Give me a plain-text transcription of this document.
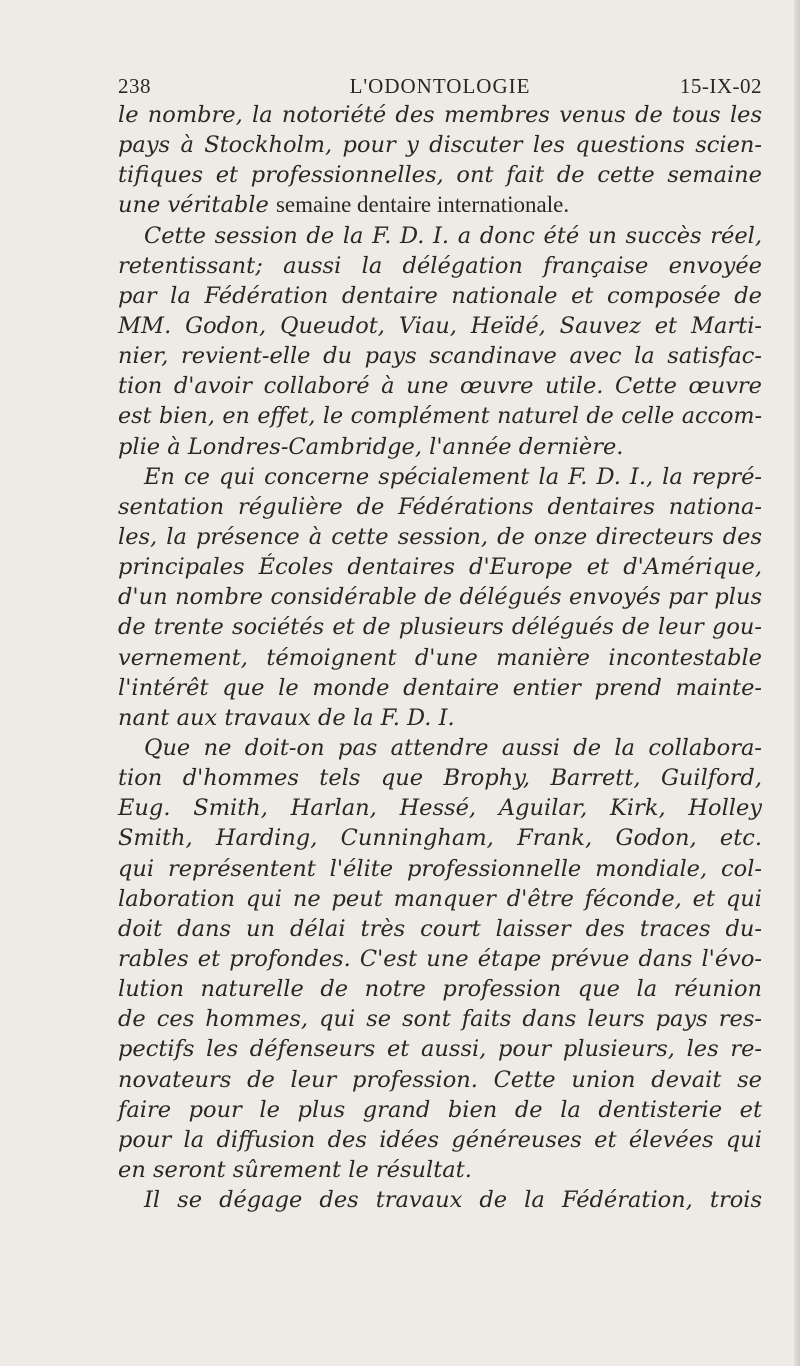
238	L'ODONTOLOGIE	15-IX-02
le nombre, la notoriété des membres venus de tous les
pays à Stockholm, pour y discuter les questions scien-
tifiques et professionnelles, ont fait de cette semaine
une véritable semaine dentaire internationale.
Cette session de la F. D. I. a donc été un succès réel,
retentissant; aussi la délégation française envoyée
par la Fédération dentaire nationale et composée de
MM. Godon, Queudot, Viau, Heïdé, Sauvez et Marti-
nier, revient-elle du pays scandinave avec la satisfac-
tion d'avoir collaboré à une œuvre utile. Cette œuvre
est bien, en effet, le complément naturel de celle accom-
plie à Londres-Cambridge, l'année dernière.
En ce qui concerne spécialement la F. D. I., la repré-
sentation régulière de Fédérations dentaires nationa-
les, la présence à cette session, de onze directeurs des
principales Écoles dentaires d'Europe et d'Amérique,
d'un nombre considérable de délégués envoyés par plus
de trente sociétés et de plusieurs délégués de leur gou-
vernement, témoignent d'une manière incontestable
l'intérêt que le monde dentaire entier prend mainte-
nant aux travaux de la F. D. I.
Que ne doit-on pas attendre aussi de la collabora-
tion d'hommes tels que Brophy, Barrett, Guilford,
Eug. Smith, Harlan, Hessé, Aguilar, Kirk, Holley
Smith, Harding, Cunningham, Frank, Godon, etc.
qui représentent l'élite professionnelle mondiale, col-
laboration qui ne peut manquer d'être féconde, et qui
doit dans un délai très court laisser des traces du-
rables et profondes. C'est une étape prévue dans l'évo-
lution naturelle de notre profession que la réunion
de ces hommes, qui se sont faits dans leurs pays res-
pectifs les défenseurs et aussi, pour plusieurs, les re-
novateurs de leur profession. Cette union devait se
faire pour le plus grand bien de la dentisterie et
pour la diffusion des idées généreuses et élevées qui
en seront sûrement le résultat.
Il se dégage des travaux de la Fédération, trois
